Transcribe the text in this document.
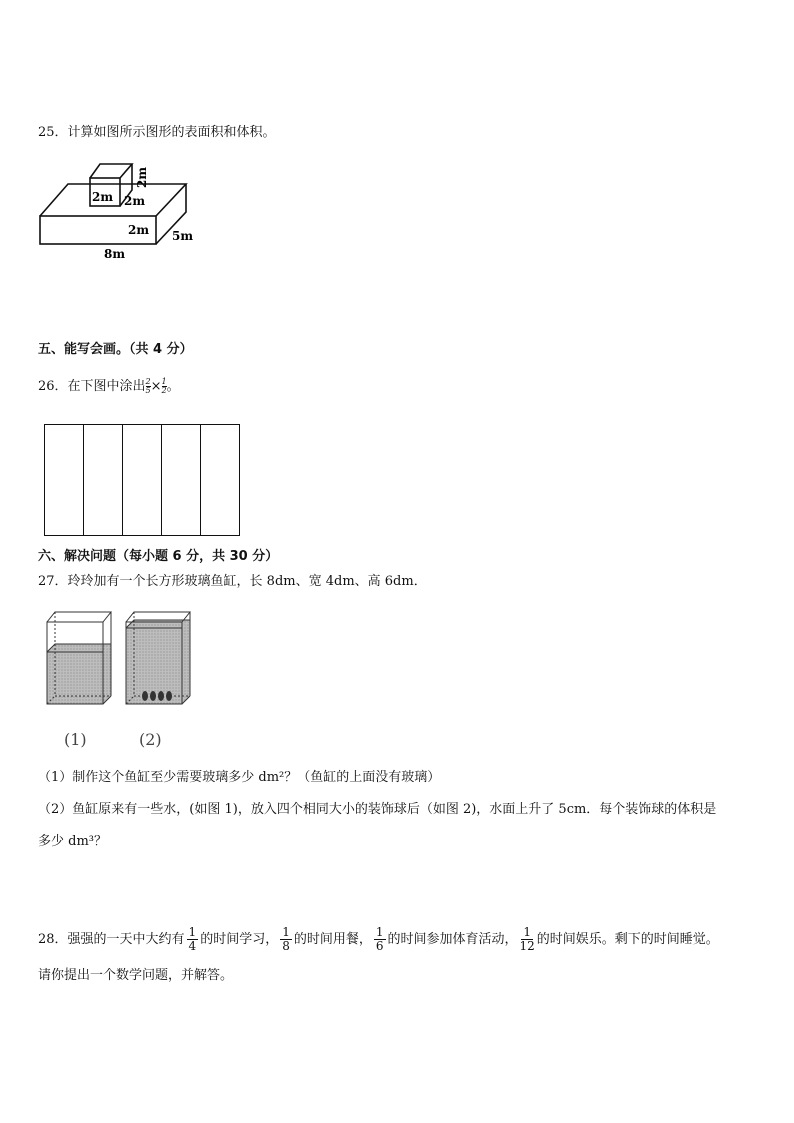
25．计算如图所示图形的表面积和体积。
2m
2m
2m
2m 5m
8m
五、能写会画。（共 4 分）
26．在下图中涂出 $\frac{2}{5} \times \frac{1}{2}$ 。
六、解决问题（每小题 6 分，共 30 分）
27．玲玲加有一个长方形玻璃鱼缸，长 8dm、宽 4dm、高 6dm．
(1)	(2)
（1）制作这个鱼缸至少需要玻璃多少 dm²？（鱼缸的上面没有玻璃）
（2）鱼缸原来有一些水，(如图 1)，放入四个相同大小的装饰球后（如图 2)，水面上升了 5cm．每个装饰球的体积是
多少 dm³？
28．强强的一天中大约有 $\frac{1}{4}$ 的时间学习， $\frac{1}{8}$ 的时间用餐， $\frac{1}{6}$ 的时间参加体育活动， $\frac{1}{12}$ 的时间娱乐。剩下的时间睡觉。
请你提出一个数学问题，并解答。
